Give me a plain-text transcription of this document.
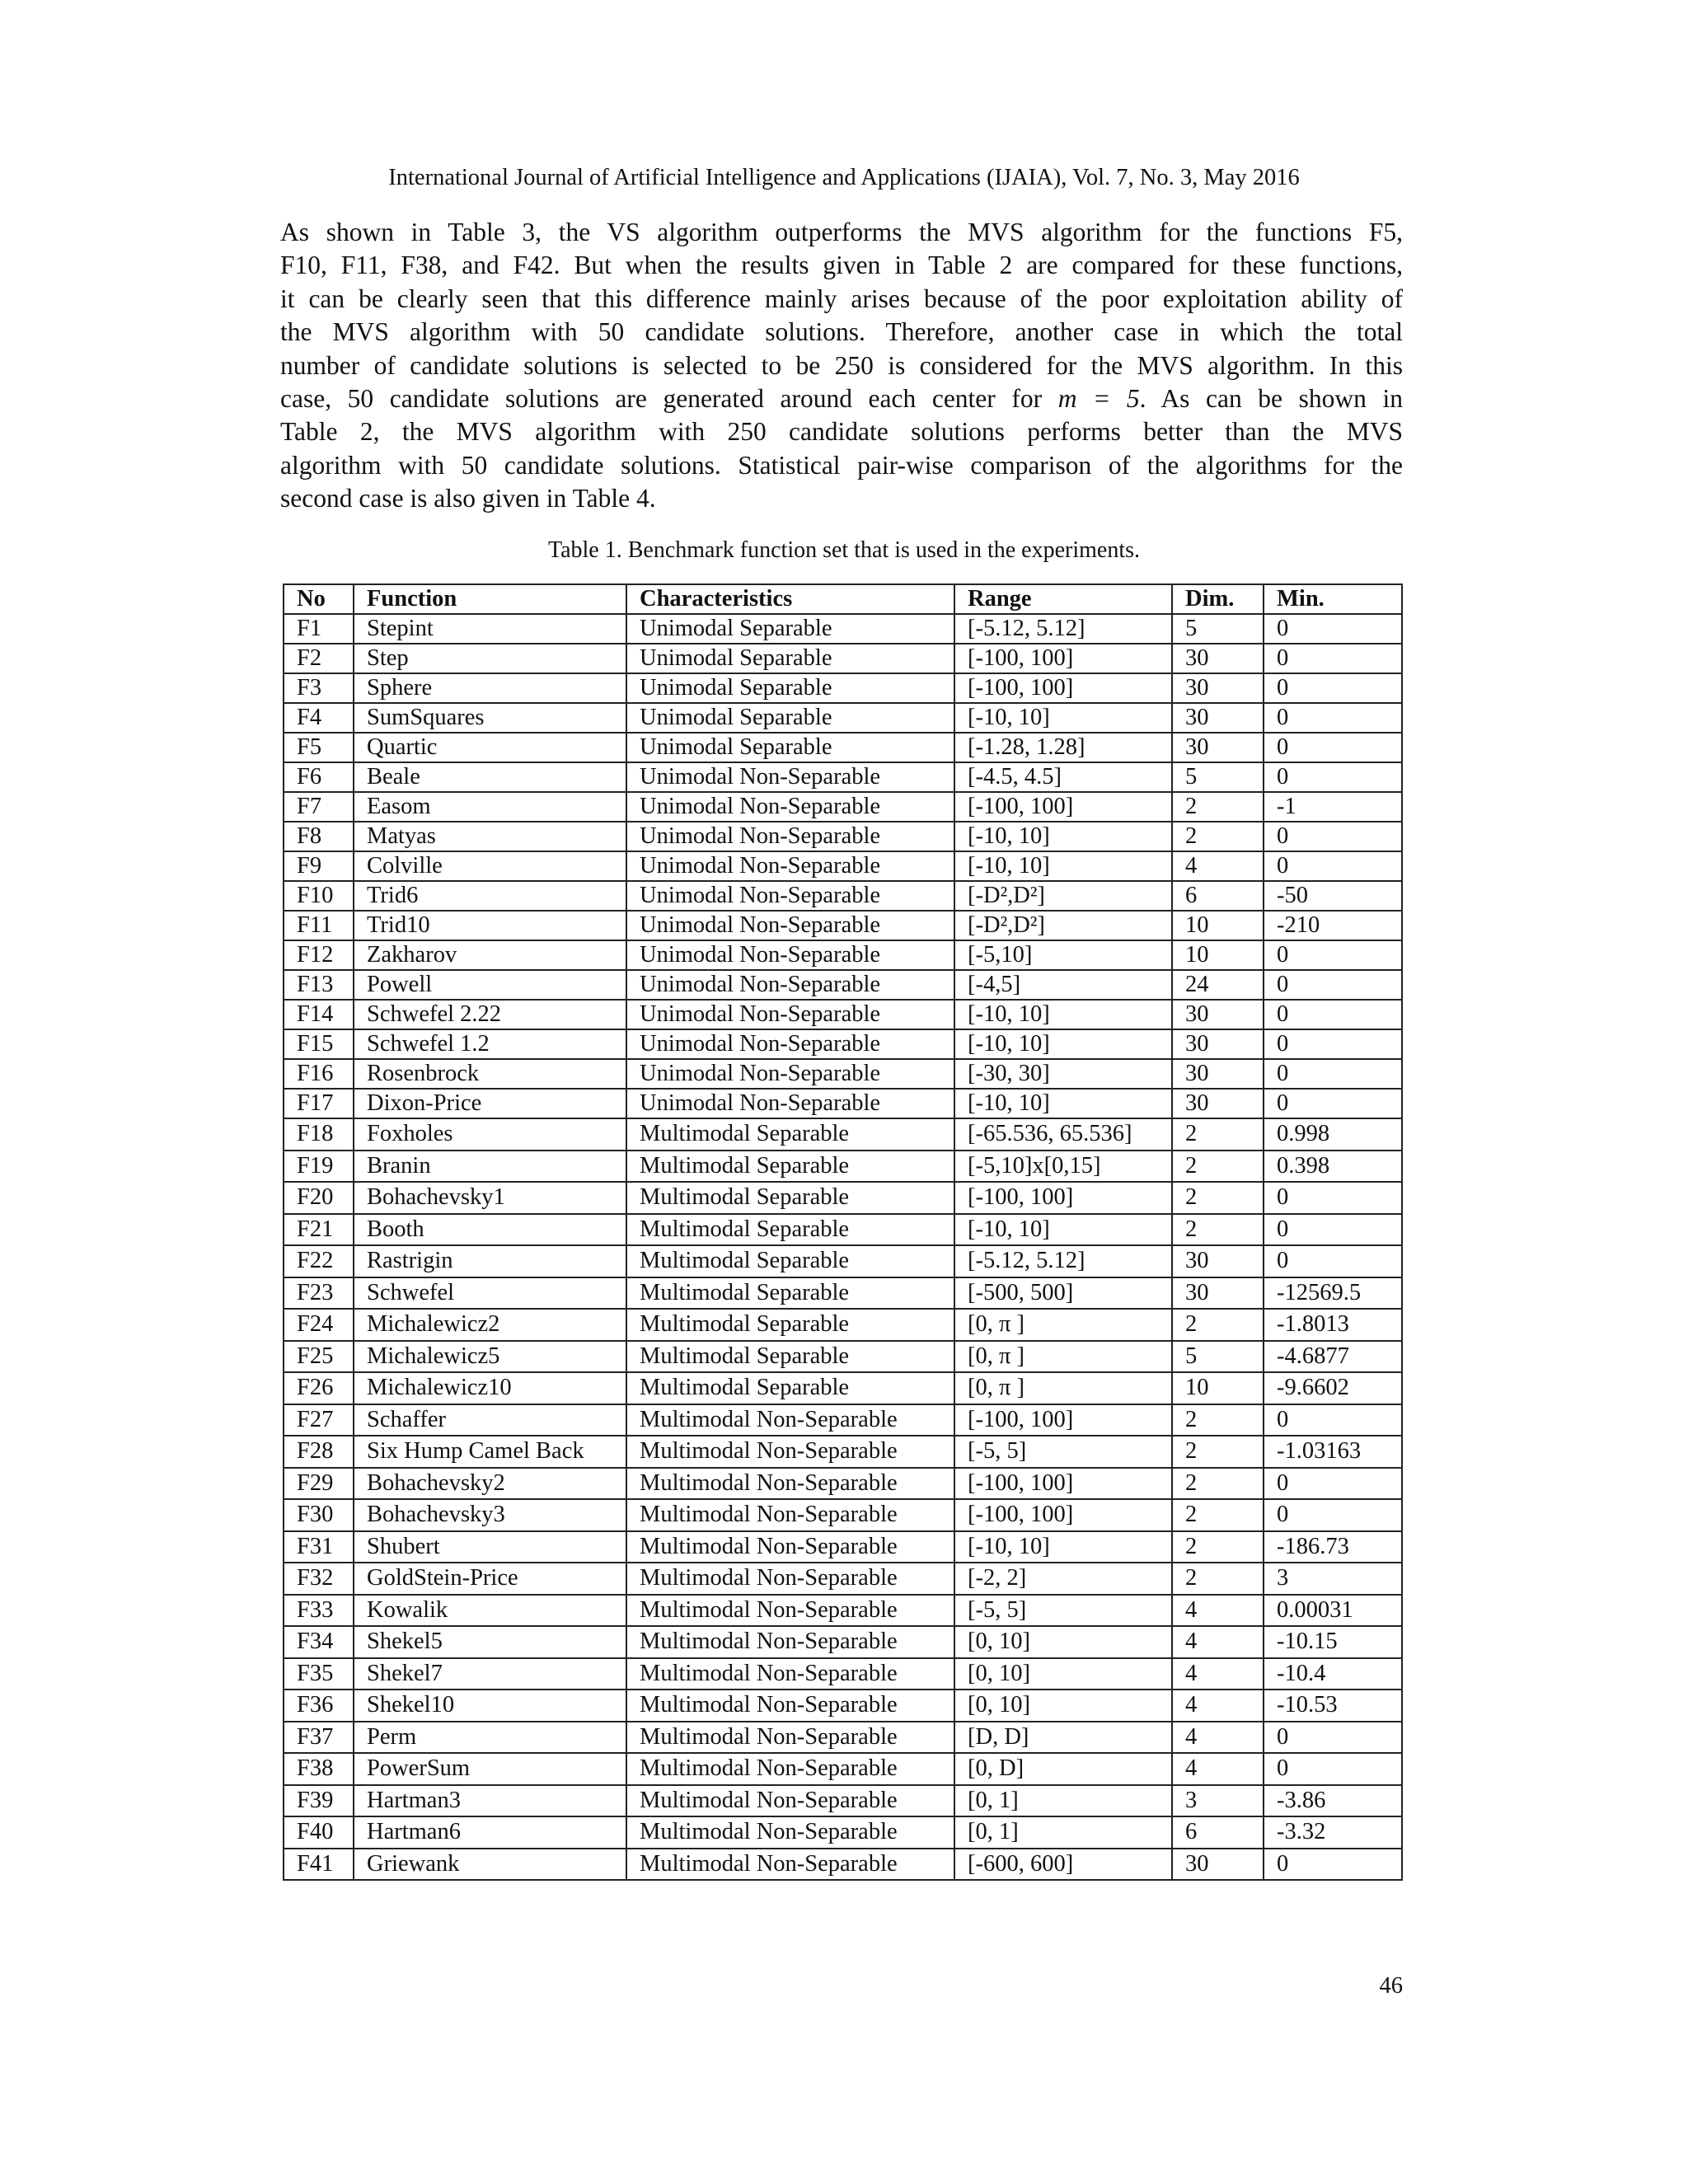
International Journal of Artificial Intelligence and Applications (IJAIA), Vol. 7, No. 3, May 2016
As shown in Table 3, the VS algorithm outperforms the MVS algorithm for the functions F5,
F10, F11, F38, and F42. But when the results given in Table 2 are compared for these functions,
it can be clearly seen that this difference mainly arises because of the poor exploitation ability of
the MVS algorithm with 50 candidate solutions. Therefore, another case in which the total
number of candidate solutions is selected to be 250 is considered for the MVS algorithm. In this
case, 50 candidate solutions are generated around each center for m = 5. As can be shown in
Table 2, the MVS algorithm with 250 candidate solutions performs better than the MVS
algorithm with 50 candidate solutions. Statistical pair-wise comparison of the algorithms for the
second case is also given in Table 4.
Table 1. Benchmark function set that is used in the experiments.
No	Function	Characteristics	Range	Dim.	Min.
F1	Stepint	Unimodal Separable	[-5.12, 5.12]	5	0
F2	Step	Unimodal Separable	[-100, 100]	30	0
F3	Sphere	Unimodal Separable	[-100, 100]	30	0
F4	SumSquares	Unimodal Separable	[-10, 10]	30	0
F5	Quartic	Unimodal Separable	[-1.28, 1.28]	30	0
F6	Beale	Unimodal Non-Separable	[-4.5, 4.5]	5	0
F7	Easom	Unimodal Non-Separable	[-100, 100]	2	-1
F8	Matyas	Unimodal Non-Separable	[-10, 10]	2	0
F9	Colville	Unimodal Non-Separable	[-10, 10]	4	0
F10	Trid6	Unimodal Non-Separable	[-D²,D²]	6	-50
F11	Trid10	Unimodal Non-Separable	[-D²,D²]	10	-210
F12	Zakharov	Unimodal Non-Separable	[-5,10]	10	0
F13	Powell	Unimodal Non-Separable	[-4,5]	24	0
F14	Schwefel 2.22	Unimodal Non-Separable	[-10, 10]	30	0
F15	Schwefel 1.2	Unimodal Non-Separable	[-10, 10]	30	0
F16	Rosenbrock	Unimodal Non-Separable	[-30, 30]	30	0
F17	Dixon-Price	Unimodal Non-Separable	[-10, 10]	30	0
F18	Foxholes	Multimodal Separable	[-65.536, 65.536]	2	0.998
F19	Branin	Multimodal Separable	[-5,10]x[0,15]	2	0.398
F20	Bohachevsky1	Multimodal Separable	[-100, 100]	2	0
F21	Booth	Multimodal Separable	[-10, 10]	2	0
F22	Rastrigin	Multimodal Separable	[-5.12, 5.12]	30	0
F23	Schwefel	Multimodal Separable	[-500, 500]	30	-12569.5
F24	Michalewicz2	Multimodal Separable	[0, π ]	2	-1.8013
F25	Michalewicz5	Multimodal Separable	[0, π ]	5	-4.6877
F26	Michalewicz10	Multimodal Separable	[0, π ]	10	-9.6602
F27	Schaffer	Multimodal Non-Separable	[-100, 100]	2	0
F28	Six Hump Camel Back	Multimodal Non-Separable	[-5, 5]	2	-1.03163
F29	Bohachevsky2	Multimodal Non-Separable	[-100, 100]	2	0
F30	Bohachevsky3	Multimodal Non-Separable	[-100, 100]	2	0
F31	Shubert	Multimodal Non-Separable	[-10, 10]	2	-186.73
F32	GoldStein-Price	Multimodal Non-Separable	[-2, 2]	2	3
F33	Kowalik	Multimodal Non-Separable	[-5, 5]	4	0.00031
F34	Shekel5	Multimodal Non-Separable	[0, 10]	4	-10.15
F35	Shekel7	Multimodal Non-Separable	[0, 10]	4	-10.4
F36	Shekel10	Multimodal Non-Separable	[0, 10]	4	-10.53
F37	Perm	Multimodal Non-Separable	[D, D]	4	0
F38	PowerSum	Multimodal Non-Separable	[0, D]	4	0
F39	Hartman3	Multimodal Non-Separable	[0, 1]	3	-3.86
F40	Hartman6	Multimodal Non-Separable	[0, 1]	6	-3.32
F41	Griewank	Multimodal Non-Separable	[-600, 600]	30	0
46
